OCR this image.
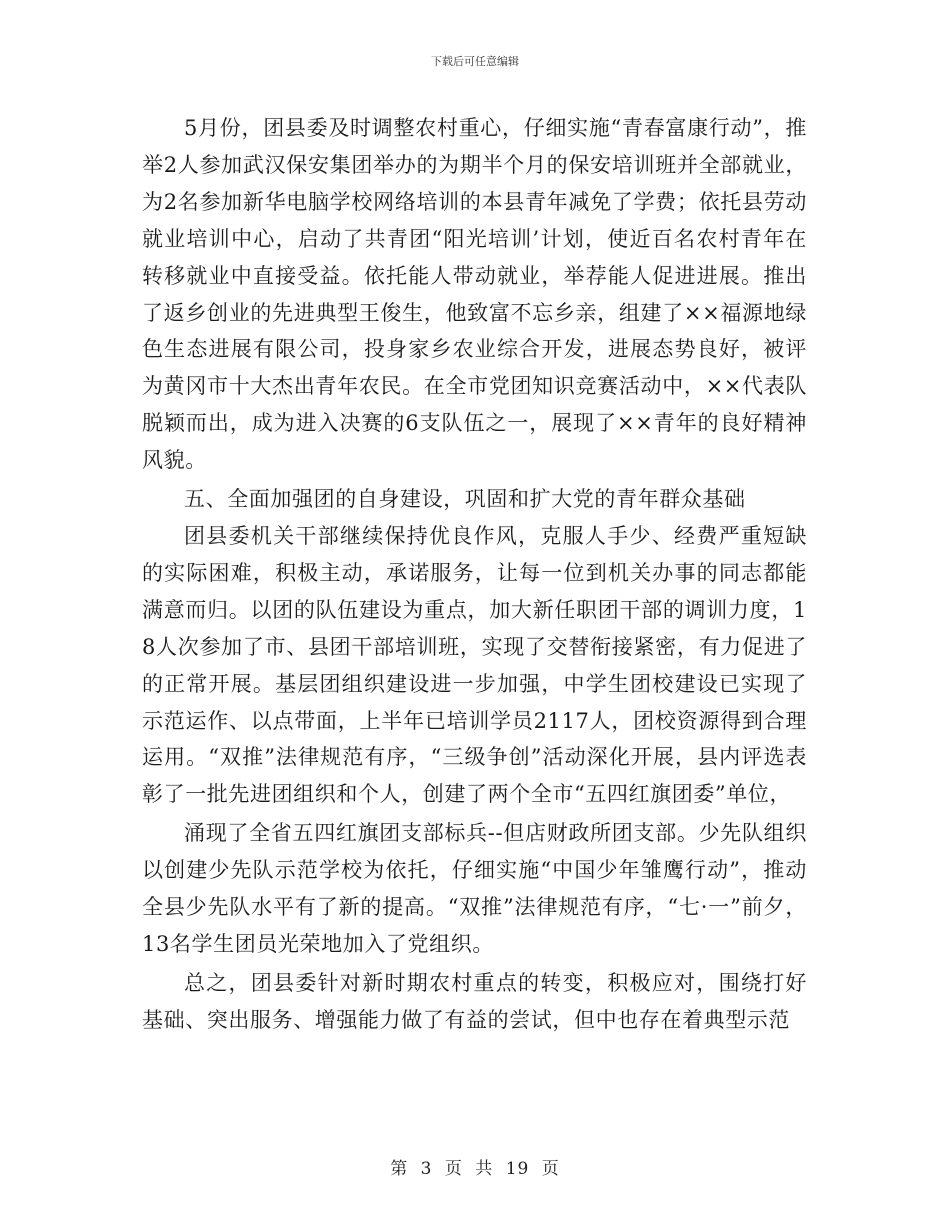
下载后可任意编辑

5月份，团县委及时调整农村重心，仔细实施“青春富康行动”，推举2人参加武汉保安集团举办的为期半个月的保安培训班并全部就业，为2名参加新华电脑学校网络培训的本县青年减免了学费；依托县劳动就业培训中心，启动了共青团“阳光培训’计划，使近百名农村青年在转移就业中直接受益。依托能人带动就业，举荐能人促进进展。推出了返乡创业的先进典型王俊生，他致富不忘乡亲，组建了××福源地绿色生态进展有限公司，投身家乡农业综合开发，进展态势良好，被评为黄冈市十大杰出青年农民。在全市党团知识竞赛活动中，××代表队脱颖而出，成为进入决赛的6支队伍之一，展现了××青年的良好精神风貌。

五、全面加强团的自身建设，巩固和扩大党的青年群众基础

团县委机关干部继续保持优良作风，克服人手少、经费严重短缺的实际困难，积极主动，承诺服务，让每一位到机关办事的同志都能满意而归。以团的队伍建设为重点，加大新任职团干部的调训力度，18人次参加了市、县团干部培训班，实现了交替衔接紧密，有力促进了的正常开展。基层团组织建设进一步加强，中学生团校建设已实现了示范运作、以点带面，上半年已培训学员2117人，团校资源得到合理运用。“双推”法律规范有序，“三级争创”活动深化开展，县内评选表彰了一批先进团组织和个人，创建了两个全市“五四红旗团委”单位，

涌现了全省五四红旗团支部标兵--但店财政所团支部。少先队组织以创建少先队示范学校为依托，仔细实施“中国少年雏鹰行动”，推动全县少先队水平有了新的提高。“双推”法律规范有序，“七·一”前夕，13名学生团员光荣地加入了党组织。

总之，团县委针对新时期农村重点的转变，积极应对，围绕打好基础、突出服务、增强能力做了有益的尝试，但中也存在着典型示范

第 3 页 共 19 页
